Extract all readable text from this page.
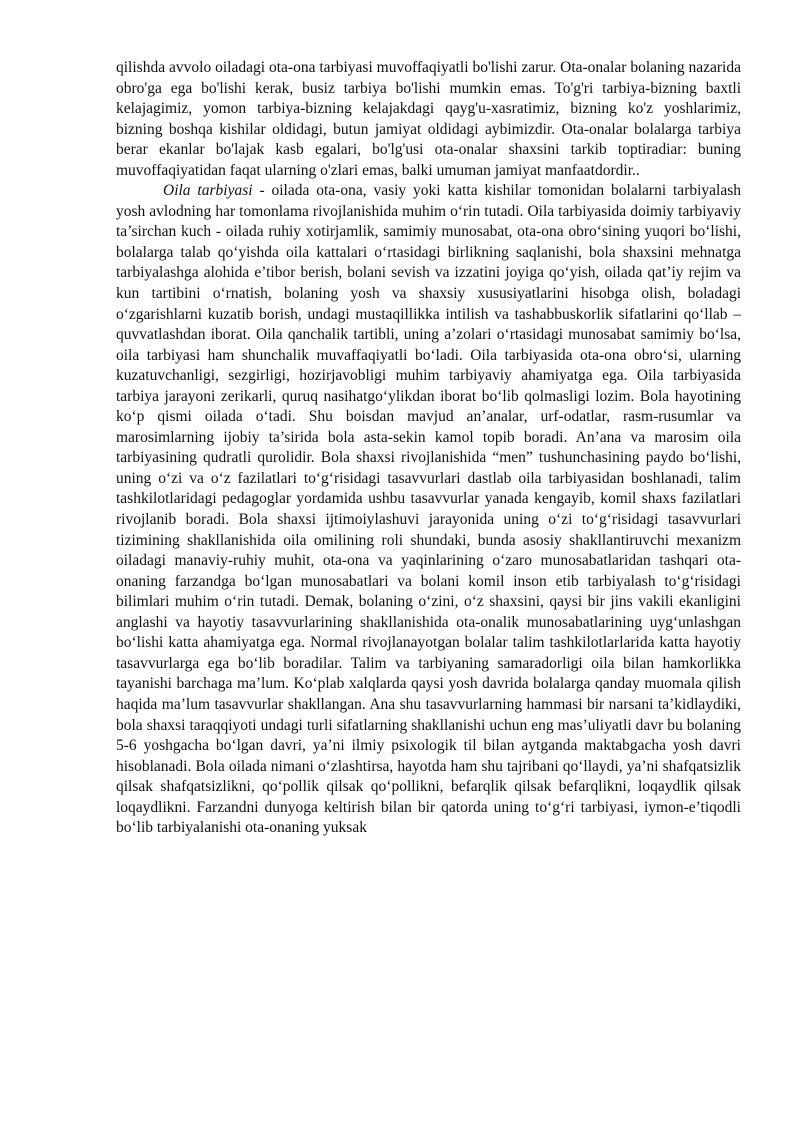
qilishda avvolo oiladagi ota-ona tarbiyasi muvoffaqiyatli bo'lishi zarur. Ota-onalar bolaning nazarida obro'ga ega bo'lishi kerak, busiz tarbiya bo'lishi mumkin emas. To'g'ri tarbiya-bizning baxtli kelajagimiz, yomon tarbiya-bizning kelajakdagi qayg'u-xasratimiz, bizning ko'z yoshlarimiz, bizning boshqa kishilar oldidagi, butun jamiyat oldidagi aybimizdir. Ota-onalar bolalarga tarbiya berar ekanlar bo'lajak kasb egalari, bo'lg'usi ota-onalar shaxsini tarkib toptiradiar: buning muvoffaqiyatidan faqat ularning o'zlari emas, balki umuman jamiyat manfaatdordir..

Oila tarbiyasi - oilada ota-ona, vasiy yoki katta kishilar tomonidan bolalarni tarbiyalash yosh avlodning har tomonlama rivojlanishida muhim o‘rin tutadi. Oila tarbiyasida doimiy tarbiyaviy ta’sirchan kuch - oilada ruhiy xotirjamlik, samimiy munosabat, ota-ona obro‘sining yuqori bo‘lishi, bolalarga talab qo‘yishda oila kattalari o‘rtasidagi birlikning saqlanishi, bola shaxsini mehnatga tarbiyalashga alohida e’tibor berish, bolani sevish va izzatini joyiga qo‘yish, oilada qat’iy rejim va kun tartibini o‘rnatish, bolaning yosh va shaxsiy xususiyatlarini hisobga olish, boladagi o‘zgarishlarni kuzatib borish, undagi mustaqillikka intilish va tashabbuskorlik sifatlarini qo‘llab – quvvatlashdan iborat. Oila qanchalik tartibli, uning a’zolari o‘rtasidagi munosabat samimiy bo‘lsa, oila tarbiyasi ham shunchalik muvaffaqiyatli bo‘ladi. Oila tarbiyasida ota-ona obro‘si, ularning kuzatuvchanligi, sezgirligi, hozirjavobligi muhim tarbiyaviy ahamiyatga ega. Oila tarbiyasida tarbiya jarayoni zerikarli, quruq nasihatgo‘ylikdan iborat bo‘lib qolmasligi lozim. Bola hayotining ko‘p qismi oilada o‘tadi. Shu boisdan mavjud an’analar, urf-odatlar, rasm-rusumlar va marosimlarning ijobiy ta’sirida bola asta-sekin kamol topib boradi. An’ana va marosim oila tarbiyasining qudratli qurolidir. Bola shaxsi rivojlanishida “men” tushunchasining paydo bo‘lishi, uning o‘zi va o‘z fazilatlari to‘g‘risidagi tasavvurlari dastlab oila tarbiyasidan boshlanadi, talim tashkilotlaridagi pedagoglar yordamida ushbu tasavvurlar yanada kengayib, komil shaxs fazilatlari rivojlanib boradi. Bola shaxsi ijtimoiylashuvi jarayonida uning o‘zi to‘g‘risidagi tasavvurlari tizimining shakllanishida oila omilining roli shundaki, bunda asosiy shakllantiruvchi mexanizm oiladagi manaviy-ruhiy muhit, ota-ona va yaqinlarining o‘zaro munosabatlaridan tashqari ota- onaning farzandga bo‘lgan munosabatlari va bolani komil inson etib tarbiyalash to‘g‘risidagi bilimlari muhim o‘rin tutadi. Demak, bolaning o‘zini, o‘z shaxsini, qaysi bir jins vakili ekanligini anglashi va hayotiy tasavvurlarining shakllanishida ota-onalik munosabatlarining uyg‘unlashgan bo‘lishi katta ahamiyatga ega. Normal rivojlanayotgan bolalar talim tashkilotlarlarida katta hayotiy tasavvurlarga ega bo‘lib boradilar. Talim va tarbiyaning samaradorligi oila bilan hamkorlikka tayanishi barchaga ma’lum. Ko‘plab xalqlarda qaysi yosh davrida bolalarga qanday muomala qilish haqida ma’lum tasavvurlar shakllangan. Ana shu tasavvurlarning hammasi bir narsani ta’kidlaydiki, bola shaxsi taraqqiyoti undagi turli sifatlarning shakllanishi uchun eng mas’uliyatli davr bu bolaning 5-6 yoshgacha bo‘lgan davri, ya’ni ilmiy psixologik til bilan aytganda maktabgacha yosh davri hisoblanadi. Bola oilada nimani o‘zlashtirsa, hayotda ham shu tajribani qo‘llaydi, ya’ni shafqatsizlik qilsak shafqatsizlikni, qo‘pollik qilsak qo‘pollikni, befarqlik qilsak befarqlikni, loqaydlik qilsak loqaydlikni. Farzandni dunyoga keltirish bilan bir qatorda uning to‘g‘ri tarbiyasi, iymon-e’tiqodli bo‘lib tarbiyalanishi ota-onaning yuksak
